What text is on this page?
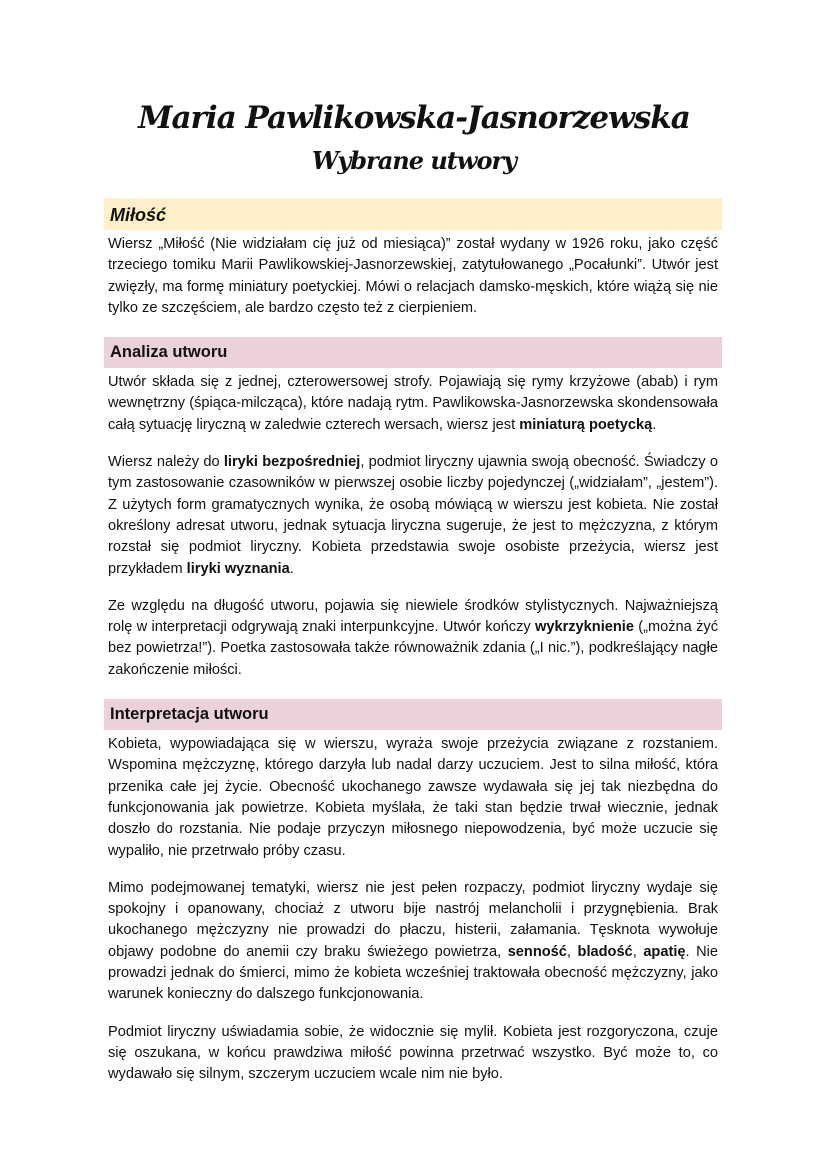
Maria Pawlikowska-Jasnorzewska
Wybrane utwory
Miłość

Wiersz „Miłość (Nie widziałam cię już od miesiąca)” został wydany w 1926 roku, jako część trzeciego tomiku Marii Pawlikowskiej-Jasnorzewskiej, zatytułowanego „Pocałunki”. Utwór jest zwięzły, ma formę miniatury poetyckiej. Mówi o relacjach damsko-męskich, które wiążą się nie tylko ze szczęściem, ale bardzo często też z cierpieniem.

Analiza utworu

Utwór składa się z jednej, czterowersowej strofy. Pojawiają się rymy krzyżowe (abab) i rym wewnętrzny (śpiąca-milcząca), które nadają rytm. Pawlikowska-Jasnorzewska skondensowała całą sytuację liryczną w zaledwie czterech wersach, wiersz jest miniaturą poetycką.

Wiersz należy do liryki bezpośredniej, podmiot liryczny ujawnia swoją obecność. Świadczy o tym zastosowanie czasowników w pierwszej osobie liczby pojedynczej („widziałam”, „jestem”). Z użytych form gramatycznych wynika, że osobą mówiącą w wierszu jest kobieta. Nie został określony adresat utworu, jednak sytuacja liryczna sugeruje, że jest to mężczyzna, z którym rozstał się podmiot liryczny. Kobieta przedstawia swoje osobiste przeżycia, wiersz jest przykładem liryki wyznania.

Ze względu na długość utworu, pojawia się niewiele środków stylistycznych. Najważniejszą rolę w interpretacji odgrywają znaki interpunkcyjne. Utwór kończy wykrzyknienie („można żyć bez powietrza!”). Poetka zastosowała także równoważnik zdania („I nic.”), podkreślający nagłe zakończenie miłości.

Interpretacja utworu

Kobieta, wypowiadająca się w wierszu, wyraża swoje przeżycia związane z rozstaniem. Wspomina mężczyznę, którego darzyła lub nadal darzy uczuciem. Jest to silna miłość, która przenika całe jej życie. Obecność ukochanego zawsze wydawała się jej tak niezbędna do funkcjonowania jak powietrze. Kobieta myślała, że taki stan będzie trwał wiecznie, jednak doszło do rozstania. Nie podaje przyczyn miłosnego niepowodzenia, być może uczucie się wypaliło, nie przetrwało próby czasu.

Mimo podejmowanej tematyki, wiersz nie jest pełen rozpaczy, podmiot liryczny wydaje się spokojny i opanowany, chociaż z utworu bije nastrój melancholii i przygnębienia. Brak ukochanego mężczyzny nie prowadzi do płaczu, histerii, załamania. Tęsknota wywołuje objawy podobne do anemii czy braku świeżego powietrza, senność, bladość, apatię. Nie prowadzi jednak do śmierci, mimo że kobieta wcześniej traktowała obecność mężczyzny, jako warunek konieczny do dalszego funkcjonowania.

Podmiot liryczny uświadamia sobie, że widocznie się mylił. Kobieta jest rozgoryczona, czuje się oszukana, w końcu prawdziwa miłość powinna przetrwać wszystko. Być może to, co wydawało się silnym, szczerym uczuciem wcale nim nie było.
